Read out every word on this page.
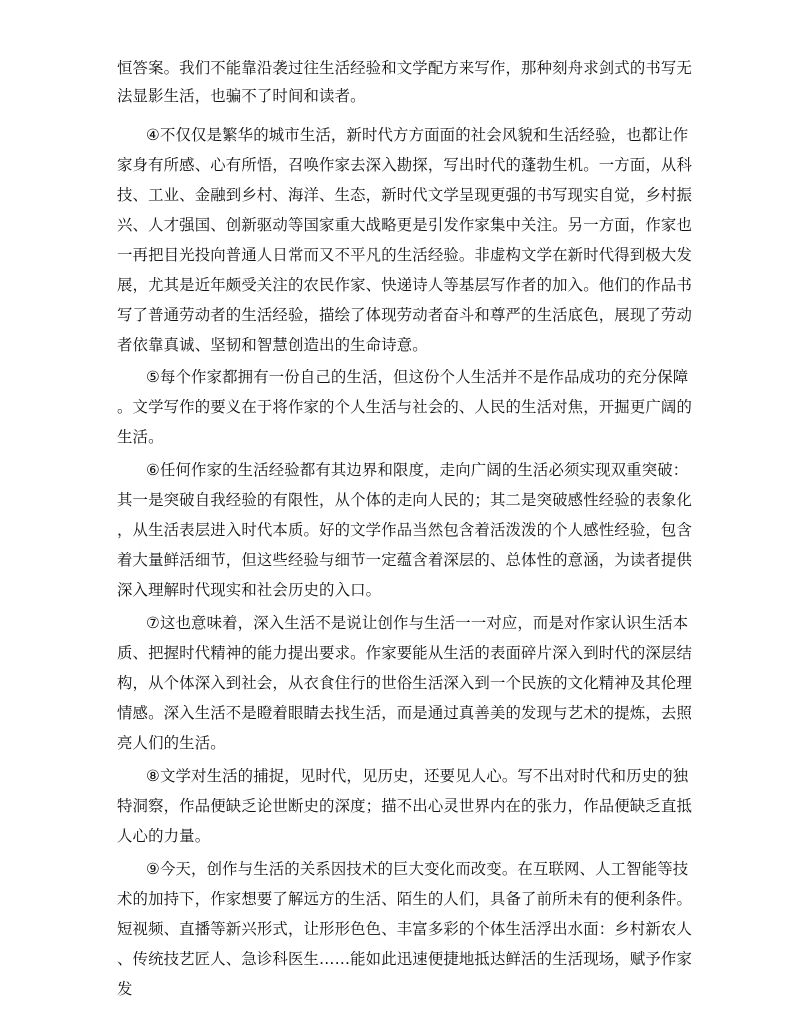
恒答案。我们不能靠沿袭过往生活经验和文学配方来写作，那种刻舟求剑式的书写无
法显影生活，也骗不了时间和读者。
④不仅仅是繁华的城市生活，新时代方方面面的社会风貌和生活经验，也都让作
家身有所感、心有所悟，召唤作家去深入勘探，写出时代的蓬勃生机。一方面，从科
技、工业、金融到乡村、海洋、生态，新时代文学呈现更强的书写现实自觉，乡村振
兴、人才强国、创新驱动等国家重大战略更是引发作家集中关注。另一方面，作家也
一再把目光投向普通人日常而又不平凡的生活经验。非虚构文学在新时代得到极大发
展，尤其是近年颇受关注的农民作家、快递诗人等基层写作者的加入。他们的作品书
写了普通劳动者的生活经验，描绘了体现劳动者奋斗和尊严的生活底色，展现了劳动
者依靠真诚、坚韧和智慧创造出的生命诗意。
⑤每个作家都拥有一份自己的生活，但这份个人生活并不是作品成功的充分保障
。文学写作的要义在于将作家的个人生活与社会的、人民的生活对焦，开掘更广阔的
生活。
⑥任何作家的生活经验都有其边界和限度，走向广阔的生活必须实现双重突破：
其一是突破自我经验的有限性，从个体的走向人民的；其二是突破感性经验的表象化
，从生活表层进入时代本质。好的文学作品当然包含着活泼泼的个人感性经验，包含
着大量鲜活细节，但这些经验与细节一定蕴含着深层的、总体性的意涵，为读者提供
深入理解时代现实和社会历史的入口。
⑦这也意味着，深入生活不是说让创作与生活一一对应，而是对作家认识生活本
质、把握时代精神的能力提出要求。作家要能从生活的表面碎片深入到时代的深层结
构，从个体深入到社会，从衣食住行的世俗生活深入到一个民族的文化精神及其伦理
情感。深入生活不是瞪着眼睛去找生活，而是通过真善美的发现与艺术的提炼，去照
亮人们的生活。
⑧文学对生活的捕捉，见时代，见历史，还要见人心。写不出对时代和历史的独
特洞察，作品便缺乏论世断史的深度；描不出心灵世界内在的张力，作品便缺乏直抵
人心的力量。
⑨今天，创作与生活的关系因技术的巨大变化而改变。在互联网、人工智能等技
术的加持下，作家想要了解远方的生活、陌生的人们，具备了前所未有的便利条件。
短视频、直播等新兴形式，让形形色色、丰富多彩的个体生活浮出水面：乡村新农人
、传统技艺匠人、急诊科医生……能如此迅速便捷地抵达鲜活的生活现场，赋予作家
发
